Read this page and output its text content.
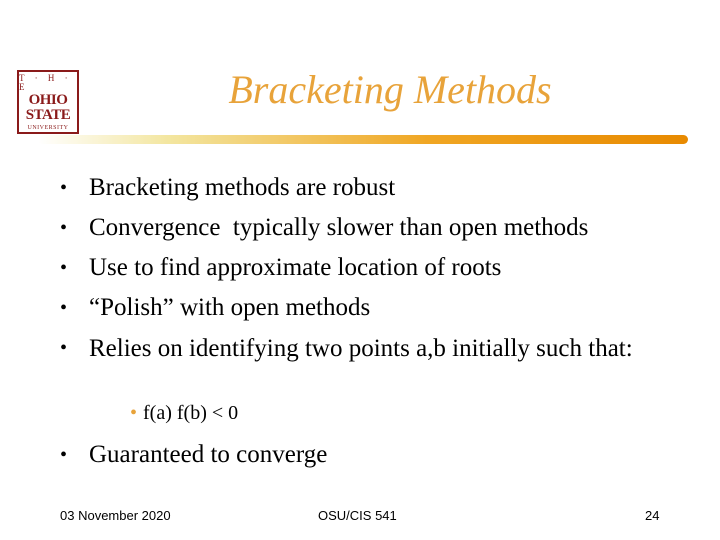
T · H · E
OHIO
STATE
UNIVERSITY
Bracketing Methods
• Bracketing methods are robust
• Convergence  typically slower than open methods
• Use to find approximate location of roots
• “Polish” with open methods
• Relies on identifying two points a,b initially such that:
• f(a) f(b) < 0
• Guaranteed to converge
03 November 2020	OSU/CIS 541	24
